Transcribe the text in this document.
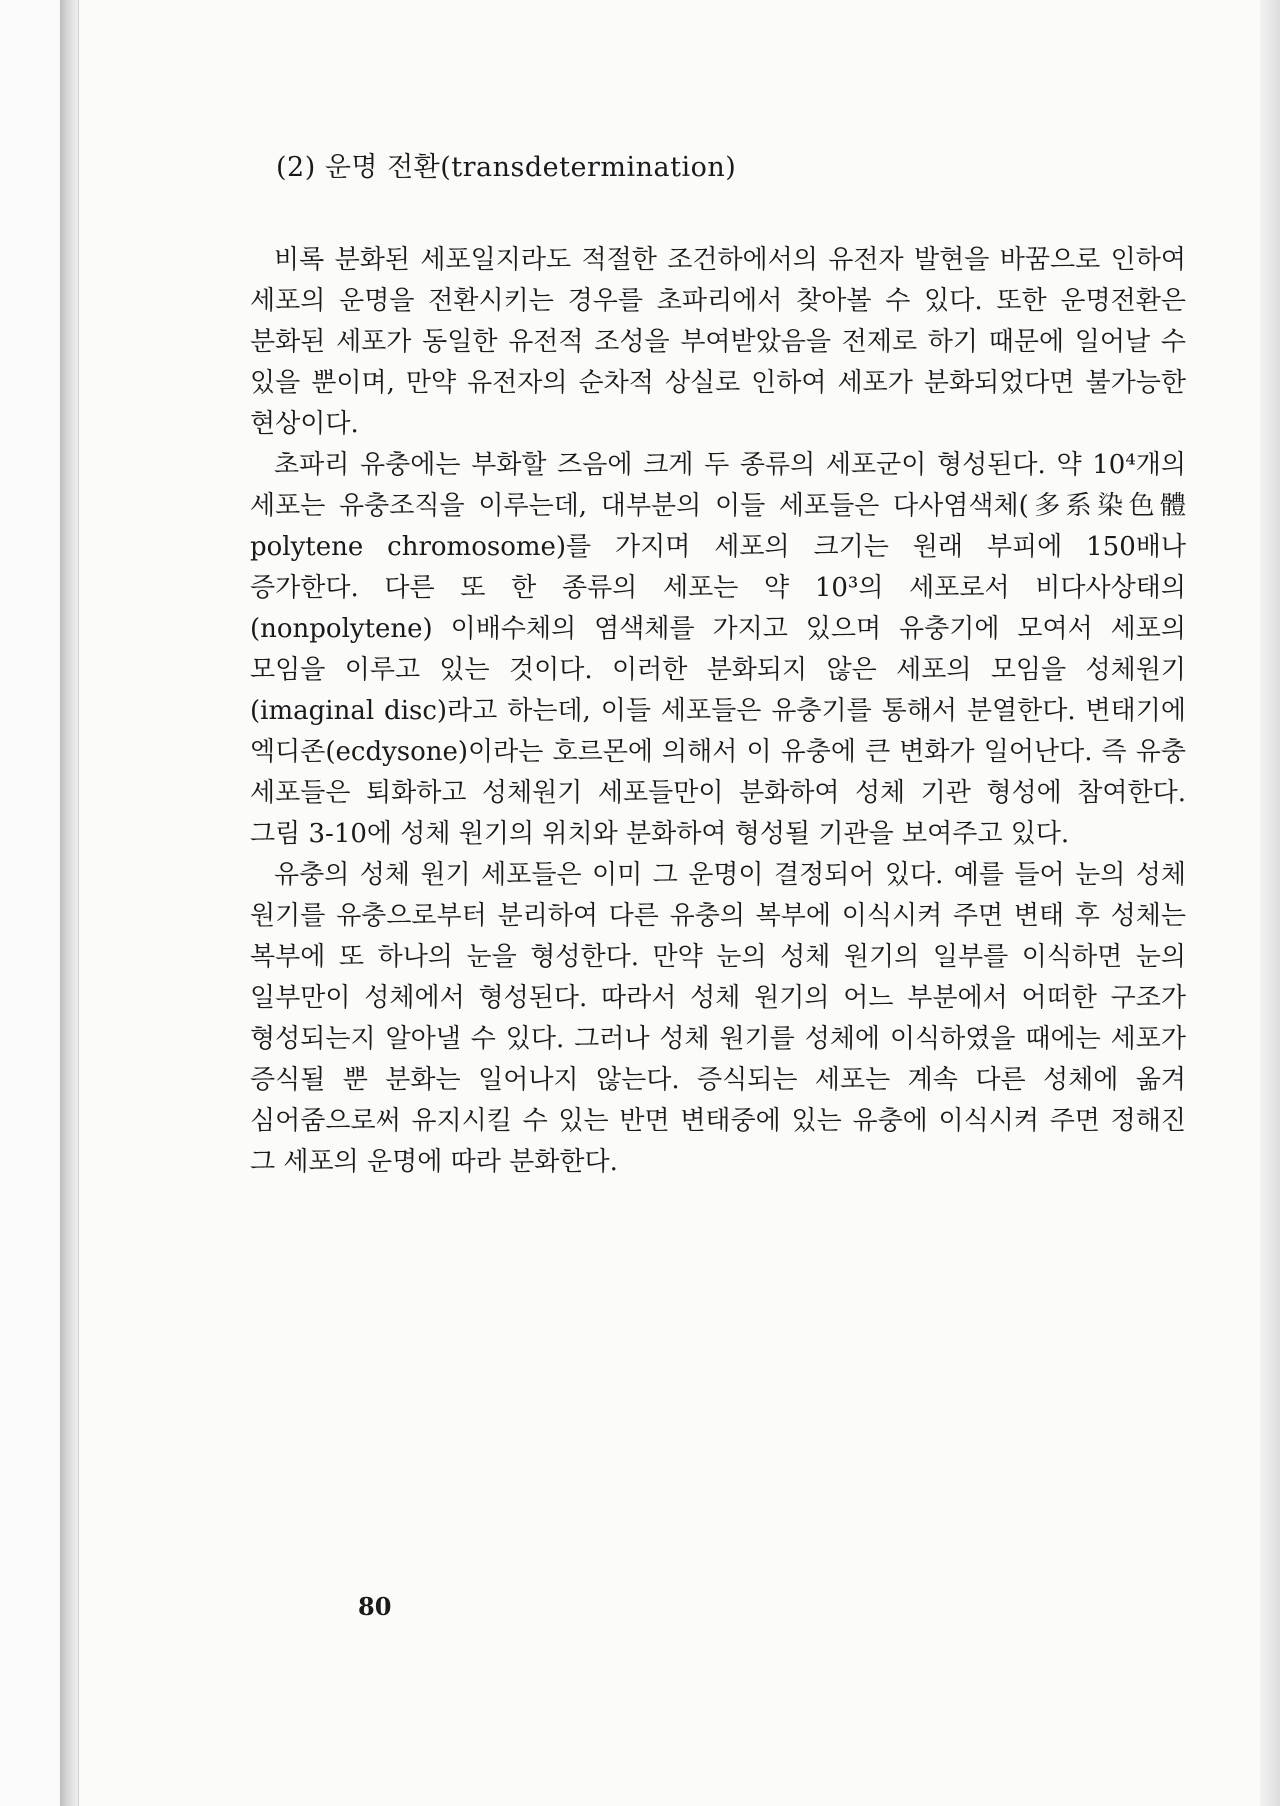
(2) 운명 전환(transdetermination)

비록 분화된 세포일지라도 적절한 조건하에서의 유전자 발현을 바꿈으로 인하여 세포의 운명을 전환시키는 경우를 초파리에서 찾아볼 수 있다. 또한 운명전환은 분화된 세포가 동일한 유전적 조성을 부여받았음을 전제로 하기 때문에 일어날 수 있을 뿐이며, 만약 유전자의 순차적 상실로 인하여 세포가 분화되었다면 불가능한 현상이다.

초파리 유충에는 부화할 즈음에 크게 두 종류의 세포군이 형성된다. 약 10⁴개의 세포는 유충조직을 이루는데, 대부분의 이들 세포들은 다사염색체(多系染色體 polytene chromosome)를 가지며 세포의 크기는 원래 부피에 150배나 증가한다. 다른 또 한 종류의 세포는 약 10³의 세포로서 비다사상태의(nonpolytene) 이배수체의 염색체를 가지고 있으며 유충기에 모여서 세포의 모임을 이루고 있는 것이다. 이러한 분화되지 않은 세포의 모임을 성체원기(imaginal disc)라고 하는데, 이들 세포들은 유충기를 통해서 분열한다. 변태기에 엑디존(ecdysone)이라는 호르몬에 의해서 이 유충에 큰 변화가 일어난다. 즉 유충 세포들은 퇴화하고 성체원기 세포들만이 분화하여 성체 기관 형성에 참여한다. 그림 3-10에 성체 원기의 위치와 분화하여 형성될 기관을 보여주고 있다.

유충의 성체 원기 세포들은 이미 그 운명이 결정되어 있다. 예를 들어 눈의 성체 원기를 유충으로부터 분리하여 다른 유충의 복부에 이식시켜 주면 변태 후 성체는 복부에 또 하나의 눈을 형성한다. 만약 눈의 성체 원기의 일부를 이식하면 눈의 일부만이 성체에서 형성된다. 따라서 성체 원기의 어느 부분에서 어떠한 구조가 형성되는지 알아낼 수 있다. 그러나 성체 원기를 성체에 이식하였을 때에는 세포가 증식될 뿐 분화는 일어나지 않는다. 증식되는 세포는 계속 다른 성체에 옮겨 심어줌으로써 유지시킬 수 있는 반면 변태중에 있는 유충에 이식시켜 주면 정해진 그 세포의 운명에 따라 분화한다.

80
